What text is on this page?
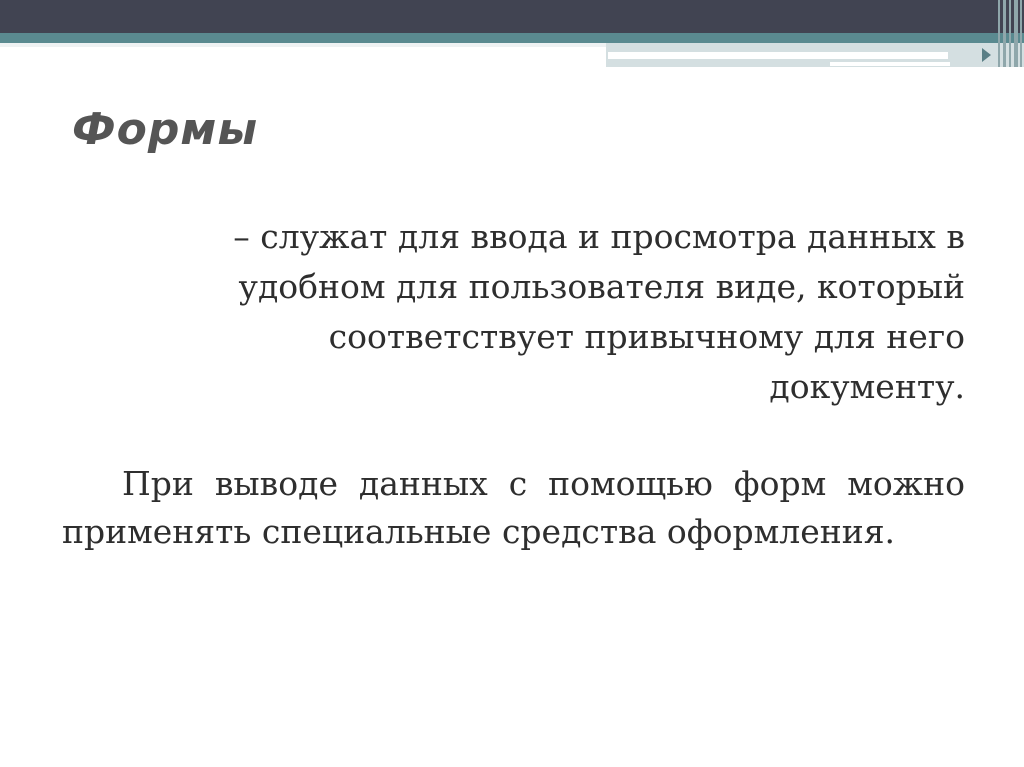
Формы

– служат для ввода и просмотра данных в удобном для пользователя виде, который соответствует привычному для него документу.

При выводе данных с помощью форм можно применять специальные средства оформления.
